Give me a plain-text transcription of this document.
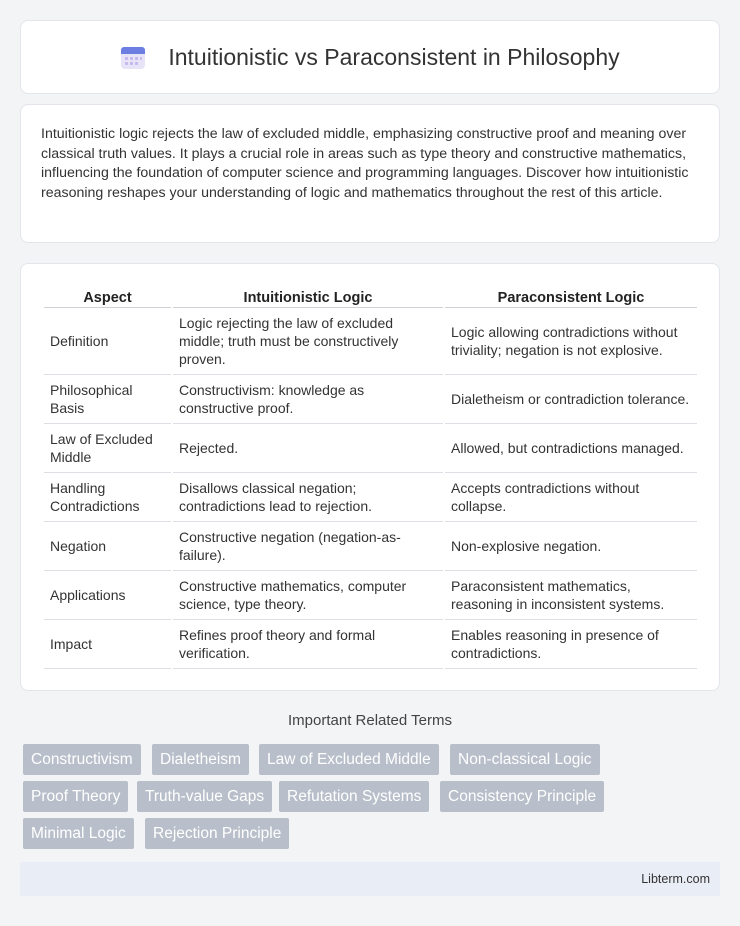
Intuitionistic vs Paraconsistent in Philosophy

Intuitionistic logic rejects the law of excluded middle, emphasizing constructive proof and meaning over classical truth values. It plays a crucial role in areas such as type theory and constructive mathematics, influencing the foundation of computer science and programming languages. Discover how intuitionistic reasoning reshapes your understanding of logic and mathematics throughout the rest of this article.

Aspect	Intuitionistic Logic	Paraconsistent Logic
Definition	Logic rejecting the law of excluded middle; truth must be constructively proven.	Logic allowing contradictions without triviality; negation is not explosive.
Philosophical Basis	Constructivism: knowledge as constructive proof.	Dialetheism or contradiction tolerance.
Law of Excluded Middle	Rejected.	Allowed, but contradictions managed.
Handling Contradictions	Disallows classical negation; contradictions lead to rejection.	Accepts contradictions without collapse.
Negation	Constructive negation (negation-as-failure).	Non-explosive negation.
Applications	Constructive mathematics, computer science, type theory.	Paraconsistent mathematics, reasoning in inconsistent systems.
Impact	Refines proof theory and formal verification.	Enables reasoning in presence of contradictions.
Important Related Terms
Constructivism	Dialetheism	Law of Excluded Middle	Non-classical Logic
Proof Theory	Truth-value Gaps	Refutation Systems	Consistency Principle
Minimal Logic	Rejection Principle
Libterm.com
